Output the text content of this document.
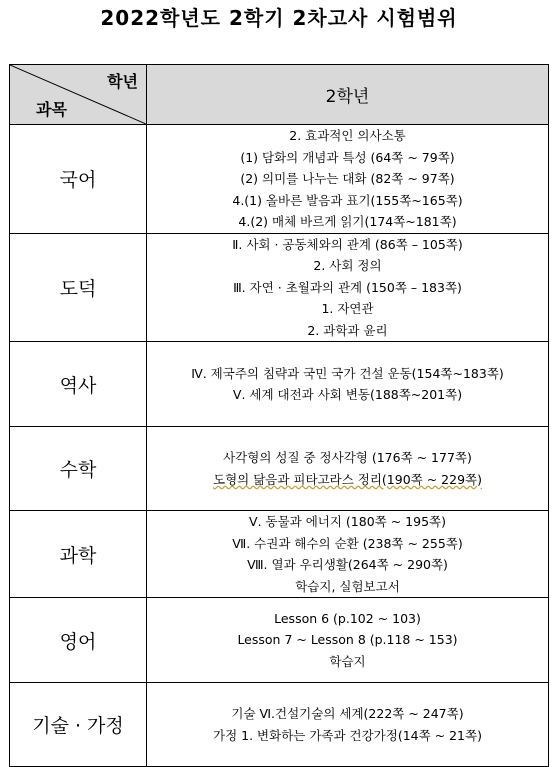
2022학년도 2학기 2차고사 시험범위
학년
과목	2학년
국어	2. 효과적인 의사소통
(1) 담화의 개념과 특성 (64쪽 ~ 79쪽)
(2) 의미를 나누는 대화 (82쪽 ~ 97쪽)
4.(1) 올바른 발음과 표기(155쪽~165쪽)
4.(2) 매체 바르게 읽기(174쪽~181쪽)

도덕	Ⅱ. 사회 · 공동체와의 관계 (86쪽 – 105쪽)
2. 사회 정의
Ⅲ. 자연 · 초월과의 관계 (150쪽 – 183쪽)
1. 자연관
2. 과학과 윤리

역사	Ⅳ. 제국주의 침략과 국민 국가 건설 운동(154쪽~183쪽)
Ⅴ. 세계 대전과 사회 변동(188쪽~201쪽)

수학	사각형의 성질 중 정사각형 (176쪽 ~ 177쪽)
도형의 닮음과 피타고라스 정리(190쪽 ~ 229쪽)

과학	Ⅴ. 동물과 에너지 (180쪽 ~ 195쪽)
Ⅶ. 수권과 해수의 순환 (238쪽 ~ 255쪽)
Ⅷ. 열과 우리생활(264쪽 ~ 290쪽)
학습지, 실험보고서

영어	Lesson 6 (p.102 ~ 103)
Lesson 7 ~ Lesson 8 (p.118 ~ 153)
학습지

기술 · 가정	기술 Ⅵ.건설기술의 세계(222쪽 ~ 247쪽)
가정 1. 변화하는 가족과 건강가정(14쪽 ~ 21쪽)
